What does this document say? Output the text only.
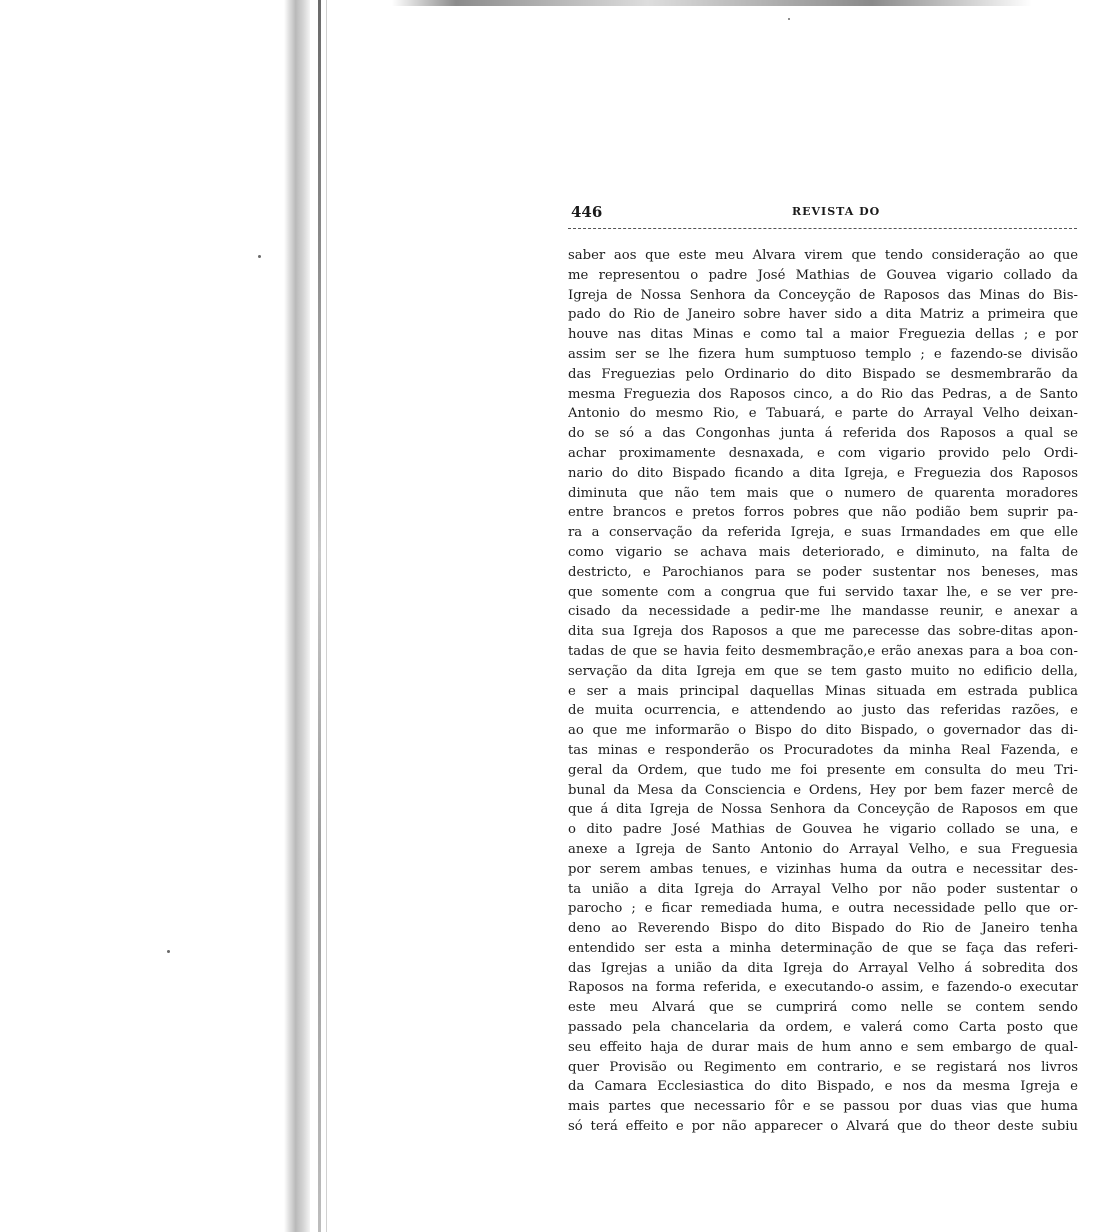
446	REVISTA DO
saber aos que este meu Alvara virem que tendo consideração ao que
me representou o padre José Mathias de Gouvea vigario collado da
Igreja de Nossa Senhora da Conceyção de Raposos das Minas do Bis-
pado do Rio de Janeiro sobre haver sido a dita Matriz a primeira que
houve nas ditas Minas e como tal a maior Freguezia dellas ; e por
assim ser se lhe fizera hum sumptuoso templo ; e fazendo-se divisão
das Freguezias pelo Ordinario do dito Bispado se desmembrarão da
mesma Freguezia dos Raposos cinco, a do Rio das Pedras, a de Santo
Antonio do mesmo Rio, e Tabuará, e parte do Arrayal Velho deixan-
do se só a das Congonhas junta á referida dos Raposos a qual se
achar proximamente desnaxada, e com vigario provido pelo Ordi-
nario do dito Bispado ficando a dita Igreja, e Freguezia dos Raposos
diminuta que não tem mais que o numero de quarenta moradores
entre brancos e pretos forros pobres que não podião bem suprir pa-
ra a conservação da referida Igreja, e suas Irmandades em que elle
como vigario se achava mais deteriorado, e diminuto, na falta de
destricto, e Parochianos para se poder sustentar nos beneses, mas
que somente com a congrua que fui servido taxar lhe, e se ver pre-
cisado da necessidade a pedir-me lhe mandasse reunir, e anexar a
dita sua Igreja dos Raposos a que me parecesse das sobre-ditas apon-
tadas de que se havia feito desmembração,e erão anexas para a boa con-
servação da dita Igreja em que se tem gasto muito no edificio della,
e ser a mais principal daquellas Minas situada em estrada publica
de muita ocurrencia, e attendendo ao justo das referidas razões, e
ao que me informarão o Bispo do dito Bispado, o governador das di-
tas minas e responderão os Procuradotes da minha Real Fazenda, e
geral da Ordem, que tudo me foi presente em consulta do meu Tri-
bunal da Mesa da Consciencia e Ordens, Hey por bem fazer mercê de
que á dita Igreja de Nossa Senhora da Conceyção de Raposos em que
o dito padre José Mathias de Gouvea he vigario collado se una, e
anexe a Igreja de Santo Antonio do Arrayal Velho, e sua Freguesia
por serem ambas tenues, e vizinhas huma da outra e necessitar des-
ta união a dita Igreja do Arrayal Velho por não poder sustentar o
parocho ; e ficar remediada huma, e outra necessidade pello que or-
deno ao Reverendo Bispo do dito Bispado do Rio de Janeiro tenha
entendido ser esta a minha determinação de que se faça das referi-
das Igrejas a união da dita Igreja do Arrayal Velho á sobredita dos
Raposos na forma referida, e executando-o assim, e fazendo-o executar
este meu Alvará que se cumprirá como nelle se contem sendo
passado pela chancelaria da ordem, e valerá como Carta posto que
seu effeito haja de durar mais de hum anno e sem embargo de qual-
quer Provisão ou Regimento em contrario, e se registará nos livros
da Camara Ecclesiastica do dito Bispado, e nos da mesma Igreja e
mais partes que necessario fôr e se passou por duas vias que huma
só terá effeito e por não apparecer o Alvará que do theor deste subiu
